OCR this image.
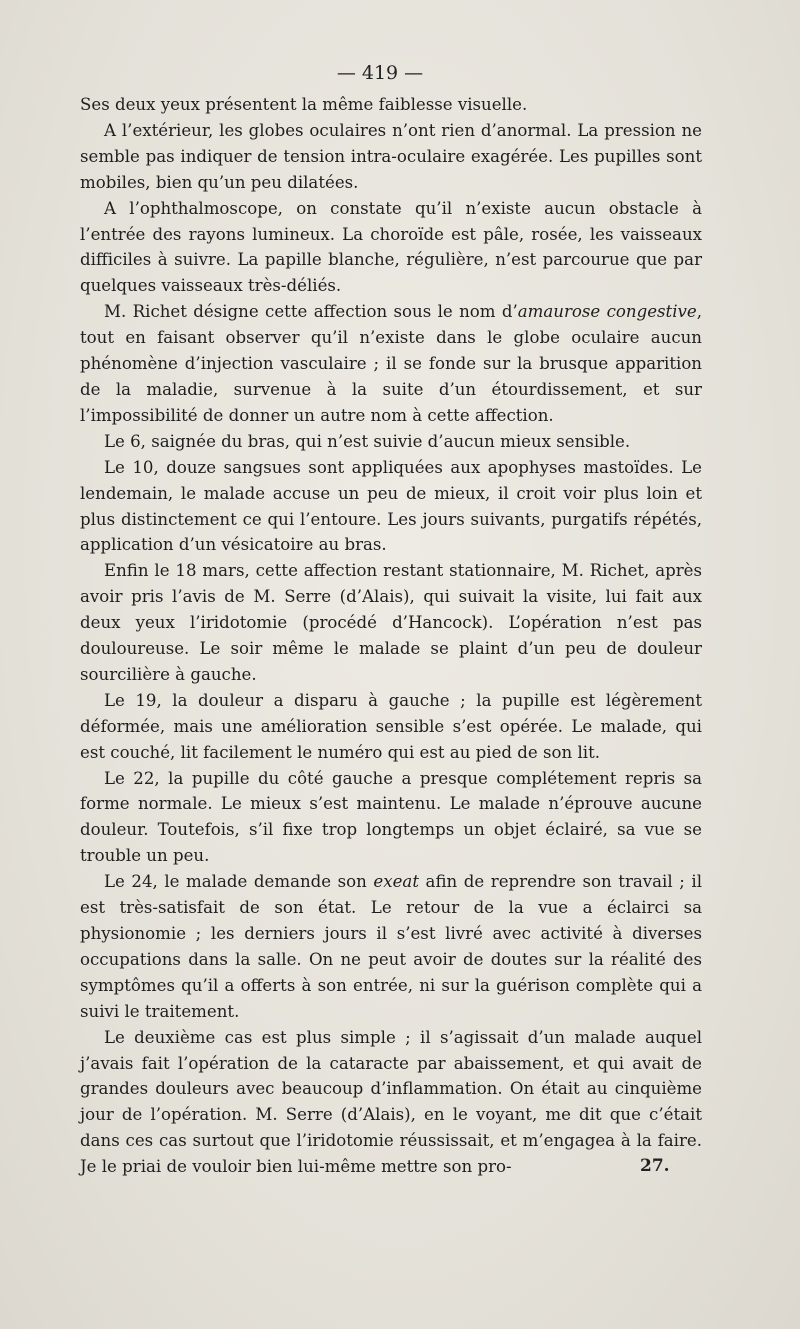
— 419 —

Ses deux yeux présentent la même faiblesse visuelle.

A l’extérieur, les globes oculaires n’ont rien d’anormal. La pression ne semble pas indiquer de tension intra-oculaire exagérée. Les pupilles sont mobiles, bien qu’un peu dilatées.

A l’ophthalmoscope, on constate qu’il n’existe aucun obstacle à l’entrée des rayons lumineux. La choroïde est pâle, rosée, les vaisseaux difficiles à suivre. La papille blanche, régulière, n’est parcourue que par quelques vaisseaux très-déliés.

M. Richet désigne cette affection sous le nom d’amaurose congestive, tout en faisant observer qu’il n’existe dans le globe oculaire aucun phénomène d’injection vasculaire ; il se fonde sur la brusque apparition de la maladie, survenue à la suite d’un étourdissement, et sur l’impossibilité de donner un autre nom à cette affection.

Le 6, saignée du bras, qui n’est suivie d’aucun mieux sensible.

Le 10, douze sangsues sont appliquées aux apophyses mastoïdes. Le lendemain, le malade accuse un peu de mieux, il croit voir plus loin et plus distinctement ce qui l’entoure. Les jours suivants, purgatifs répétés, application d’un vésicatoire au bras.

Enfin le 18 mars, cette affection restant stationnaire, M. Richet, après avoir pris l’avis de M. Serre (d’Alais), qui suivait la visite, lui fait aux deux yeux l’iridotomie (procédé d’Hancock). L’opération n’est pas douloureuse. Le soir même le malade se plaint d’un peu de douleur sourcilière à gauche.

Le 19, la douleur a disparu à gauche ; la pupille est légèrement déformée, mais une amélioration sensible s’est opérée. Le malade, qui est couché, lit facilement le numéro qui est au pied de son lit.

Le 22, la pupille du côté gauche a presque complétement repris sa forme normale. Le mieux s’est maintenu. Le malade n’éprouve aucune douleur. Toutefois, s’il fixe trop longtemps un objet éclairé, sa vue se trouble un peu.

Le 24, le malade demande son exeat afin de reprendre son travail ; il est très-satisfait de son état. Le retour de la vue a éclairci sa physionomie ; les derniers jours il s’est livré avec activité à diverses occupations dans la salle. On ne peut avoir de doutes sur la réalité des symptômes qu’il a offerts à son entrée, ni sur la guérison complète qui a suivi le traitement.

Le deuxième cas est plus simple ; il s’agissait d’un malade auquel j’avais fait l’opération de la cataracte par abaissement, et qui avait de grandes douleurs avec beaucoup d’inflammation. On était au cinquième jour de l’opération. M. Serre (d’Alais), en le voyant, me dit que c’était dans ces cas surtout que l’iridotomie réussissait, et m’engagea à la faire. Je le priai de vouloir bien lui-même mettre son pro-	27.
